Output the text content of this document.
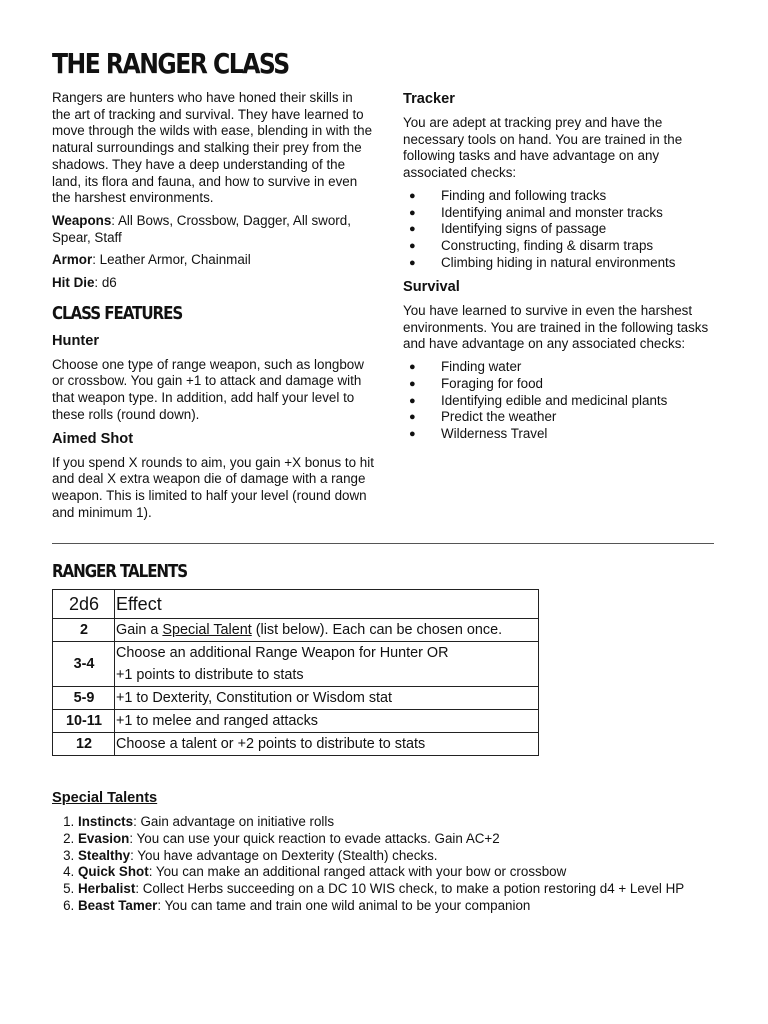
THE RANGER CLASS

Rangers are hunters who have honed their skills in the art of tracking and survival. They have learned to move through the wilds with ease, blending in with the natural surroundings and stalking their prey from the shadows. They have a deep understanding of the land, its flora and fauna, and how to survive in even the harshest environments.

Weapons: All Bows, Crossbow, Dagger, All sword, Spear, Staff

Armor: Leather Armor, Chainmail

Hit Die: d6

CLASS FEATURES
Hunter

Choose one type of range weapon, such as longbow or crossbow. You gain +1 to attack and damage with that weapon type. In addition, add half your level to these rolls (round down).

Aimed Shot

If you spend X rounds to aim, you gain +X bonus to hit and deal X extra weapon die of damage with a range weapon. This is limited to half your level (round down and minimum 1).

Tracker

You are adept at tracking prey and have the necessary tools on hand. You are trained in the following tasks and have advantage on any associated checks:

● Finding and following tracks
● Identifying animal and monster tracks
● Identifying signs of passage
● Constructing, finding & disarm traps
● Climbing hiding in natural environments
Survival

You have learned to survive in even the harshest environments. You are trained in the following tasks and have advantage on any associated checks:

● Finding water
● Foraging for food
● Identifying edible and medicinal plants
● Predict the weather
● Wilderness Travel
RANGER TALENTS
2d6	Effect
2	Gain a Special Talent (list below). Each can be chosen once.
3-4	Choose an additional Range Weapon for Hunter OR
+1 points to distribute to stats

5-9	+1 to Dexterity, Constitution or Wisdom stat
10-11	+1 to melee and ranged attacks
12	Choose a talent or +2 points to distribute to stats
Special Talents
1. Instincts: Gain advantage on initiative rolls
2. Evasion: You can use your quick reaction to evade attacks. Gain AC+2
3. Stealthy: You have advantage on Dexterity (Stealth) checks.
4. Quick Shot: You can make an additional ranged attack with your bow or crossbow
5. Herbalist: Collect Herbs succeeding on a DC 10 WIS check, to make a potion restoring d4 + Level HP
6. Beast Tamer: You can tame and train one wild animal to be your companion
